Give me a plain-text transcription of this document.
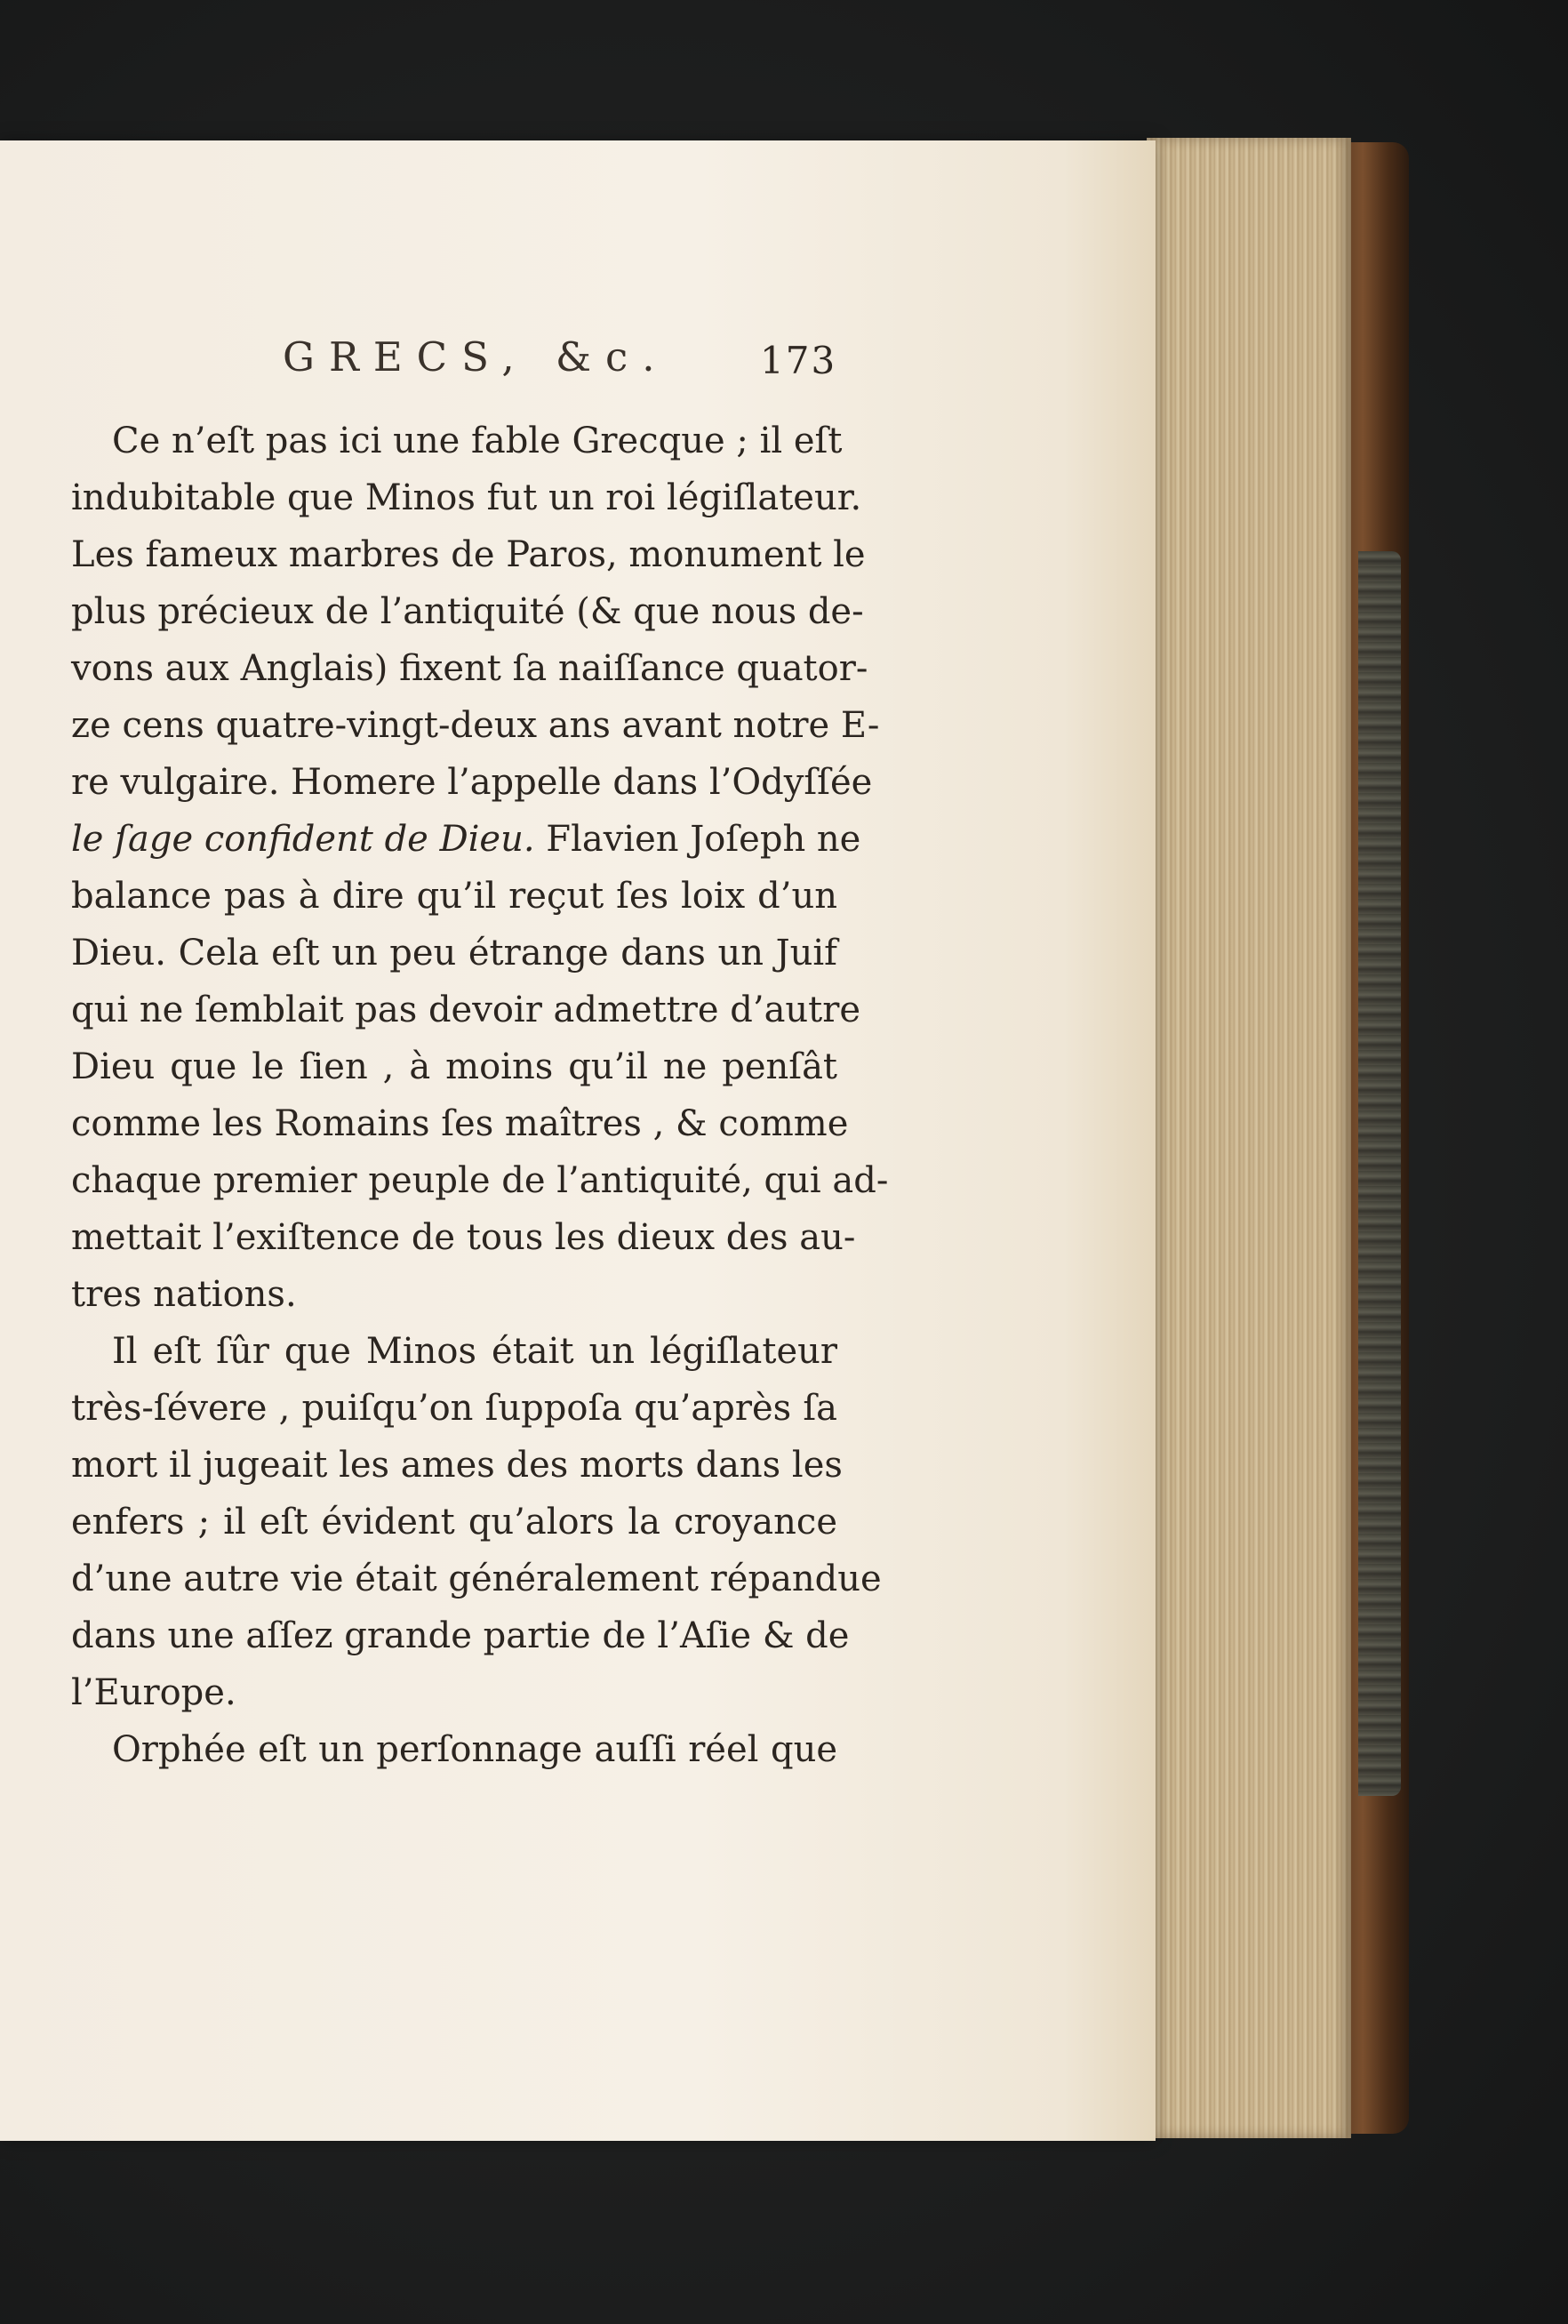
GRECS, &c. 173
Ce n’eſt pas ici une fable Grecque ; il eſt
indubitable que Minos fut un roi légiſlateur.
Les fameux marbres de Paros, monument le
plus précieux de l’antiquité (& que nous de-
vons aux Anglais) fixent ſa naiſſance quator-
ze cens quatre-vingt-deux ans avant notre E-
re vulgaire. Homere l’appelle dans l’Odyſſée
le ſage confident de Dieu. Flavien Joſeph ne
balance pas à dire qu’il reçut ſes loix d’un
Dieu. Cela eſt un peu étrange dans un Juif
qui ne ſemblait pas devoir admettre d’autre
Dieu que le ſien , à moins qu’il ne penſât
comme les Romains ſes maîtres , & comme
chaque premier peuple de l’antiquité, qui ad-
mettait l’exiſtence de tous les dieux des au-
tres nations.
Il eſt ſûr que Minos était un légiſlateur
très-ſévere , puiſqu’on ſuppoſa qu’après ſa
mort il jugeait les ames des morts dans les
enfers ; il eſt évident qu’alors la croyance
d’une autre vie était généralement répandue
dans une aſſez grande partie de l’Aſie & de
l’Europe.
Orphée eſt un perſonnage auſſi réel que
